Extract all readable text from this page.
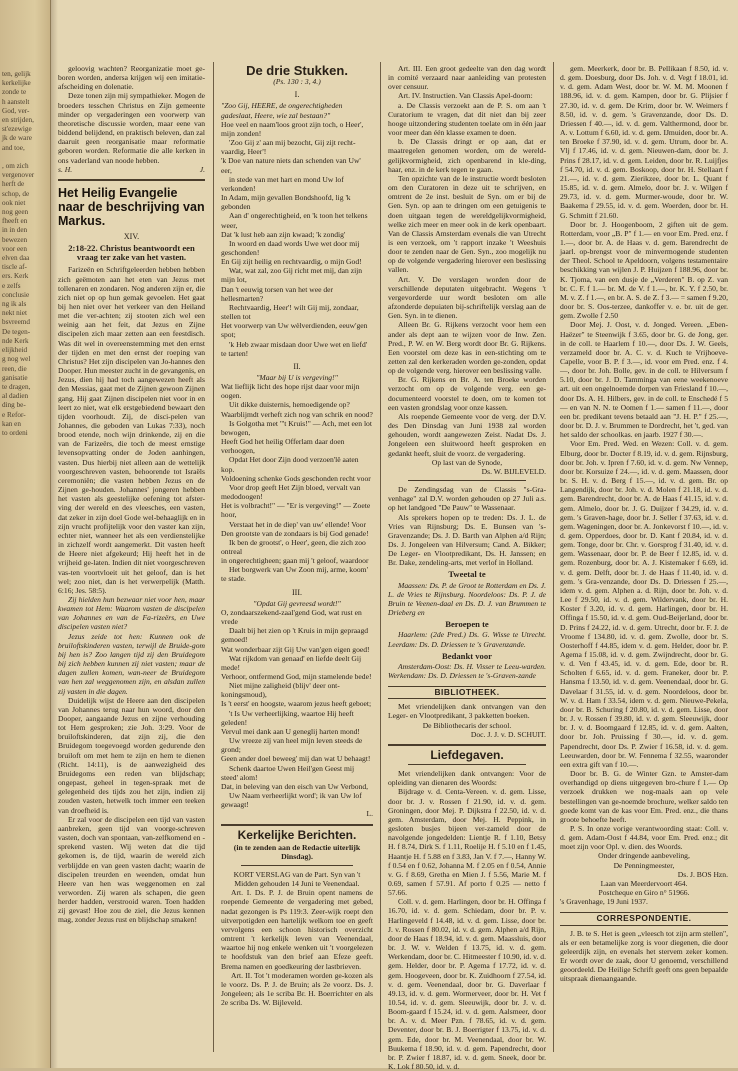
ten, gelijk
kerkelijke
zonde te
h aanstelt
God, ver-
en strijden,
st'ezewige
jk de ware
and toe,

, om zich
vergenover
herft de
schop, de
ook niet
nog geen
fheeft en
in in den
bewezen
voor een
elven daa
tiscle af-
ers. Kerk
e zelfs
conclusie
ng ik als
nekt niet
bsvreemd
De tegen-
nde Kerk
elijkheid
g nog wel
reen, die
ganisatie
te dragen,
al dadien
ding be-
e Refor-
kan en
to ordeni

geloovig wachten? Reorganizatie moet ge-boren worden, andersa krijgen wij een imitatie-afscheiding en dolenatie.

Deze tonen zijn mij sympathieker. Mogen de broeders tesschen Christus en Zijn gemeente minder op vergaderingen een voorwerp van theoretische discussie worden, maar eene van biddend belijdend, en praktisch beleven, dan zal daaruit geen reorganisatie maar reformatie geboren worden. Reformatie die alle kerken in ons vaderland van noode hebben.

s. H.	J.

Het Heilig Evangelie naar de beschrijving van Markus.
XIV.
2:18-22. Christus beantwoordt een vraag ter zake van het vasten.

Farizeën en Schriftgeleerden hebben hebben zich geëmoten aan het eten van Jezus met tollenaren en zondaren. Nog anderen zijn er, die zich niet op op hun gemak gevoelen. Het gaat bij hen niet over het verkeer van den Heiland met die ver-achten; zij stooten zich wel een weinig aan het feit, dat Jezus en Zijne discipelen zich maar zetten aan een feestdisch. Was dit wel in overeenstemming met den ernst der tijden en met den ernst der roeping van Christus? Het zijn discipelen van Jo-hannes den Dooper. Hun meester zucht in de gevangenis, en Jezus, dien hij had toch aangewezen heeft als den Messias, gaat met de Zijnen gewoon Zijnen gang. Hij gaat Zijnen discipelen niet voor in en leert zo niet, wat elk erstgebiedend bewaart den tijden voorhoudt. Zij, de disci-pelen van Johannes, die geboden van Lukas 7:33), noch brood etende, noch wijn drinkende, zij en die van de Farizeërs, die toch de meest ernstige levensopvatting onder de Joden aanhingen, vasten. Dus hierbij niet alleen aan de wettelijk voorgeschreven vasten, behoorende tot Israëls ceremoniën; die vasten hebben Jezus en de Zijnen ge-houden. Johannes' jongeren hebben het vasten als geestelijke oefening tot afster-ving der wereld en des vleesches, een vasten, dat zeker in zijn doel Gode wel-behaaglijk en in zijn vrucht profijtelijk voor den vaster kan zijn, echter niet, wanneer het als een verdienstelijke in zichzelf wordt aangemerkt. Dit vasten heeft de Heere niet afgekeurd; Hij heeft het in de vrijheid ge-laten. Indien dit niet voorgeschreven vas-ten voortvloeit uit het geloof, dan is het wel; zoo niet, dan is het verwerpelijk (Matth. 6:16; Jes. 58:5).

Zij hielden hun bezwaar niet voor hen, maar kwamen tot Hem: Waarom vasten de discipelen van Johannes en van de Fa-rizeërs, en Uwe discipelen vasten niet?

Jezus zeide tot hen: Kunnen ook de bruiloftskinderen vasten, terwijl de Bruide-gom bij hen is? Zoo langen tijd zij den Bruidegom bij zich hebben kunnen zij niet vasten; maar de dagen zullen komen, wan-neer de Bruidegom van hen zal weggenomen zijn, en alsdan zullen zij vasten in die dagen.

Duidelijk wijst de Heere aan den discipelen van Johannes terug naar hun woord, door den Dooper, aangaande Jezus en zijne verhouding tot Hem gesproken; zie Joh. 3:29. Voor de bruiloftskinderen, dat zijn zij, die den Bruidegom toegevoegd worden gedurende den bruiloft om met hem te zijn en hem te dienen (Richt. 14:11), is de aanwezigheid des Bruidegoms een reden van blijdschap; ongepast, geheel in tegen-spraak met de gelegenheid des tijds zou het zijn, indien zij zouden vasten, hetwelk toch immer een teeken van droefheid is.

Er zal voor de discipelen een tijd van vasten aanbreken, geen tijd van voorge-schreven vasten, doch van spontaan, van-zelfkomend en -sprekend vasten. Wij weten dat die tijd gekomen is, de tijd, waarin de wereld zich verblijdde en van geen vasten dacht; waarin de discipelen treurden en weenden, omdat hun Heere van hen was weggenomen en zal verworden. Zij waren als schapen, die geen herder hadden, verstrooid waren. Toen hadden zij gevast! Hoe zou de ziel, die Jezus kennen mag, zonder Jezus rust en blijdschap smaken!

De drie Stukken.
(Ps. 130 : 3, 4.)
I.

"Zoo Gij, HEERE, de ongerechtigheden gadeslaat, Heere, wie zal bestaan?"

Hoe veel en naam'loos groot zijn toch, o Heer', mijn zonden!
'Zoo Gij z' aan mij bezocht, Gij zijt recht-vaardig, Heer'!
'k Doe van nature niets dan schenden van Uw' eer,
in stede van met hart en mond Uw lof verkonden!
In Adam, mijn gevallen Bondshoofd, lig 'k gebonden
Aan d' ongerechtigheid, en 'k toon het telkens weer,
Dat 'k lust heb aan zijn kwaad; 'k zondig'
In woord en daad words Uwe wet door mij geschonden!
En Gij zijt heilig en rechtvaardig, o mijn God!
Wat, wat zal, zoo Gij richt met mij, dan zijn mijn lot,
Dan 't eeuwig torsen van het wee der hellesmarten?
Rechtvaardig, Heer'! wilt Gij mij, zondaar, stellen tot
Het voorwerp van Uw wèlverdienden, eeuw'gen spot;
'k Heb zwaar misdaan door Uwe wet en liefd' te tarten!
II.

"Maar bij U is vergeving!"

Wat lieflijk licht des hope rijst daar voor mijn oogen.
Uit dikke duisternis, hemoedigende op?
Waarblijmdt verheft zich nog van schrik en nood?
Is Golgotha met "'t Kruis!" — Ach, met een lot bewogen,
Heeft God het heilig Offerlam daar doen verhoogen,
Opdat Het door Zijn dood verzoen'lë aaten kop.
Voldoening schenke Gods geschonden recht voor
Voor drop geeft Het Zijn bloed, vervalt van medodoogen!
Het is volbracht!" — "Er is vergeving!" — Zoete hoor,
Verstaat het in de diep' van uw' ellende! Voor
Den grootste van de zondaars is bij God genade!
Ik ben de grootst', o Heer', geen, die zich zoo ontreal
in ongerechtigheen; gaan mij 't geloof, waardoor
Het borgwerk van Uw Zoon mij, arme, koom' te stade.
III.

"Opdat Gij gevreesd wordt!"

O, zondaarszekend-zaal'gend God, wat rust en vrede
Daalt bij het zien op 't Kruis in mijn gepraagd gemoed!
Wat wonderbaar zijt Gij Uw van'gen eigen goed!
Wat rijkdom van genaad' en liefde deelt Gij mede!
Verhoor, ontfermend God, mijn stamelende bede!
Niet mijne zaligheid (blijv' deer ont-koningsmoud),
Is 't eerst' en hoogste, waarom jezus heeft geboet;
't Is Uw verheerlijking, waartoe Hij heeft geleden!
Vervul mei dank aan U geneglij harten mond!
Uw vreeze zij van heel mijn leven steeds de grond;
Geen ander doel beweeg' mij dan wat U behaagt!
Schenk daartoe Uwen Heil'gen Geest mij steed' alom!
Dat, in beleving van den eisch van Uw Verbond,
Uw Naam verheerlijkt word'; ik van Uw lof gewaagt!

L.

Kerkelijke Berichten.
(in te zenden aan de Redactie uiterlijk Dinsdag).

KORT VERSLAG van de Part. Syn van 't Midden gehouden 14 Juni te Veenendaal.

Art. I. Ds. P. J. de Bruin opent namens de roepende Gemeente de vergadering met gebed, nadat gezongen is Ps 119:3. Zeer-wijk roept den uitverpotigden een hartelijk welkom toe en geeft vervolgens een schoon historisch overzicht omtrent 't kerkelijk leven van Veenendaal, waartoe hij nog enkele wenken uit 't voorgelezen te hoofdstuk van den brief aan Efeze geeft. Brema namen en goedkeuring der lastbrieven.

Art. II. Tot 't moderamen worden ge-kozen als le voorz. Ds. P. J. de Bruin; als 2e voorz. Ds. J. Jongeleen; als 1e scriba Br. H. Boerrichter en als 2e scriba Ds. W. Bijleveld.

Art. III. Een groot gedeelte van den dag wordt in comité verzaard naar aanleiding van protesten over censuur.

Art. IV. Instructien. Van Classis Apel-doorn:

a. De Classis verzoekt aan de P. S. om aan 't Curatorium te vragen, dat dit niet dan bij zeer hooge uitzondering studenten toelate om in één jaar voor meer dan één klasse examen te doen.

b. De Classis dringt er op aan, dat er maatregelen genomen worden, om de wereld-gelijkvormigheid, zich openbarend in kle-ding, haar, enz. in de kerk tegen te gaan.

Ten opzichte van de le instructie wordt besloten om den Curatoren in deze uit te schrijven, en omtrent de 2e inst. besluit de Syn. om er bij de Gen. Syn. op aan te dringen om een getuigenis te doen uitgaan tegen de wereldgelijkvormigheid, welke zich meer en meer ook in de kerk openbaart. Van de Classis Amsterdam evenals die van Utrecht is een verzoek, om 't rapport inzake 't Weeshuis door te zenden naar de Gen. Syn., zoo mogelijk nu op de volgende vergadering hierover een beslissing vallen.

Art. V. De verslagen worden door de verschillende deputaten uitgebracht. Wegens 't vergevorderde uur wordt besloten om alle afzonderde depuiaten bij-schriftelijk verslag aan de Gen. Syn. in te dienen.

Alleen Br. G. Rijkens verzocht voor hem een ander als dept aan te wijzen voor de Inw. Zen. Pred., P. W. en W. Berg wordt door Br. G. Rijkens. Een voorstel om deze kas in een-stichting om te zetten zal den kerkeraden worden ge-zonden, opdat op de volgende verg. hierover een beslissing valle.

Br. G. Rijkens en Br. A. ten Broeke worden verzocht om op de volgende verg. een ge-documenteerd voorstel te doen, om te komen tot een vasten grondslag voor onze kassen.

Als roepende Gemeente voor de verg. der D.V. des Den Dinsdag van Juni 1938 zal worden gehouden, wordt aangewezen Zeist. Nadat Ds. J. Jongeleen een sluitwoord heeft gesproken en gedankt heeft, sluit de voorz. de vergadering.

Op last van de Synode,

Ds. W. BIJLEVELD.

De Zendingsdag van de Classis "s-Gra-venhage" zal D.V. worden gehouden op 27 Juli a.s. op het landgoed "De Pauw" te Wassenaar.

Als sprekers hopen op te treden: Ds. J. L. de Vries van Rijnsburg; Ds. E. Bunsen van 's-Gravenzande; Ds. J. D. Barth van Alphen a/d Rijn; Ds. J. Jongeleen van Hilversum; Cand. A. Bikker; De Leger- en Vlootpredikant, Ds. H. Janssen; en Br. Dake, zendeling-arts, met verlof in Holland.

Tweetal te

Maassen: Ds. P. de Groot te Rotterdam en Ds. J. L. de Vries te Rijnsburg. Noordeloos: Ds. P. J. de Bruin te Veenen-daal en Ds. D. J. van Brummen te Drieberg en

Beroepen te

Haarlem: (2de Pred.) Ds. G. Wisse te Utrecht. Leerdam: Ds. D. Driessen te 's Gravenzande.

Bedankt voor

Amsterdam-Oost: Ds. H. Visser te Leeu-warden. Werkendam: Ds. D. Driessen te 's-Graven-zande

BIBLIOTHEEK.

Met vriendelijken dank ontvangen van den Leger- en Vlootpredikant, 3 pakketten boeken.

De Bibliothecaris der school.

Doc. J. J. v. D. SCHUIT.

Liefdegaven.

Met vriendelijken dank ontvangen: Voor de opleiding van dienaren des Woords:

Bijdrage v. d. Centa-Vereen. v. d. gem. Lisse, door br. J. v. Rossen f 21.90, id. v. d. gem. Groningen, door Mej. P. Dijkstra f 22.50, id. v. d. gem. Amsterdam, door Mej. H. Peppink, in gesloten busjes bijeen ver-zameld door de navolgende jongedelden: Lientje R. f 1.10, Betsy H. f 8.74, Dirk S. f 1.11, Roelije H. f 5.10 en f 1.45, Haantje H. f 5.88 en f 3.83, Jan V. f 7.—, Hanny W. f 0.54 en f 0.62, Johanna M. f 2.05 en f 0.54, Annie v. G. f 8.69, Gretha en Mien J. f 5.56, Marie M. f 0.69, samen f 57.91. Af porto f 0.25 — netto f 57.66.

Coll. v. d. gem. Harlingen, door br. H. Offinga f 16.70, id. v. d. gem. Schiedam, door br. P. v. Harlingeveld f 14.48, id. v. d. gem. Lisse, door br. J. v. Rossen f 80.02, id. v. d. gem. Alphen a/d Rijn, door de Haas f 18.94, id. v. d. gem. Maassluis, door br. J. W. v. Welden f 13.75, id. v. d. gem. Werkendam, door br. C. Hitmeester f 10.90, id. v. d. gem. Helder, door br. P. Agema f 17.72, id. v. d. gem. Hoogeveen, door br. K. Zuidhoorn f 27.54, id. v. d. gem. Veenendaal, door br. G. Daverlaar f 49.13, id. v. d. gem. Wormerveer, door br. H. Vet f 10.54, id. v. d. gem. Sleeuwijk, door br. J. v. d. Boom-gaard f 15.24, id. v. d. gem. Aalsmeer, door br. A. v. d. Meer Pzn. f 78.65, id. v. d. gem. Deventer, door br. B. J. Boerrigter f 13.75, id. v. d. gem. Ede, door br. M. Veenendaal, door br. W. Buukema f 18.90, id. v. d. gem. Papendrecht, door br. P. Zwier f 18.87, id. v. d. gem. Sneek, door br. K. Lok f 80.50, id. v. d.

gem. Meerkerk, door br. B. Pellikaan f 8.50, id. v. d. gem. Doesburg, door Ds. Joh. v. d. Vegt f 18.01, id. v. d. gem. Adam West, door br. W. M. M. Moonen f 188.96, id. v. d. gem. Kampen, door br. G. Plijsier f 27.30, id. v. d. gem. De Krim, door br. W. Weimers f 8.50, id. v. d. gem. 's Gravenzande, door Ds. D. Driessen f 40.—, id. v. d. gem. Valthermond, door br. A. v. Lottum f 6.60, id. v. d. gem. IJmuiden, door br. A. ten Broeke f 37.90, id. v. d. gem. Utrum, door br. A. Vlj f 17.46, id. v. d. gem. Nieuwen-dam, door br. J. Prins f 28.17, id. v. d. gem. Leiden, door br. R. Luijfjes f 54.70, id. v. d. gem. Boskoop, door br. H. Stellaart f 21.—, id. v. d. gem. Zierikzee, door br. L. Quant f 15.85, id. v. d. gem. Almelo, door br. J. v. Wilgen f 29.73, id. v. d. gem. Murmer-woude, door br. W. Baakema f 29.55, id. v. d. gem. Woerden, door br. H. G. Schmitt f 21.60.

Door br. J. Hoogenboom, 2 giften uit de gem. Rotterdam, voor „B. P" f 1.— en voor Em. Pred. enz. f 1.—, door br. A. de Haas v. d. gem. Barendrecht de jaarl. op-brengst voor de minvermogende studenten der Theol. School te Apeldoorn, volgens testamentaire beschikking van wijlen J. P. Huijzen f 188.96, door br. K. Tjoma, van een dusje de „Verderen" B. op Z. van br. C. F. f 1.— br. M. de V. f 1.—, br. K. Y. f 2.50, br. M. v. Z. f 1.—, en br. A. S. de Z. f 3.— = samen f 9.20, door br. S. Oos-terzee, dankoffer v. e. br. uit de ger. gem. Zwolle f 2.50

Door Mej. J. Oost, v. d. Jonged. Vereen. „Eben-Haëzer" te Steenwijk f 3.65, door br. G. de Jong, ger. in de coll. te Haarlem f 10.—, door Ds. J. W. Geels, verzameld door br. A. C. v. d. Kuch te Vrijhoeve-Capelle, voor B. P. f 3.—, id. voor em Pred. enz. f 4.—, door br. Joh. Bolle, gev. in de coll. te Hilversum f 5.10, door br. J. D. Tamminga van eene weekenoeve art. uit een ongelnoemde dorpen van Friesland f 10.—, door Ds. A. H. Hilbers, gev. in de coll. te Enschedé f 5 — en van N. N. te Oomen f 1.— samen f 11.—, door een br. predikant tevens betaald aan "J. H. P." f 25.—, door br. D. J. v. Brummen te Dordrecht, het 't, ged. van het saldo der schoolkas. en jaarb. 1927 f 30.—.

Voor Em. Pred. Wed. en Wezen: Coll. v. d. gem. Elburg, door br. Docter f 8.19, id. v. d. gem. Rijnsburg, door br. Joh. v. Ipren f 7.60, id. v. d. gem. Nw Vennep, door br. Korsuize f 24.—, id. v. d. gem. Maassen, door br. S. H. v. d. Berg f 15.—, id. v. d. gem. Br. op Langendijk, door br. Joh. v. d. Molen f 21.18, id. v. d. gem. Barendrecht, door br. A. de Haas f 41.15, id. v. d. gem. Almelo, door br. J. G. Duijzer f 34.29, id. v. d. gem. 's Graven-hage, door br. J. Seller f 37.63, id. v. d. gem. Wageningen, door br. A. Jonkevorst f 10.—, id. v. d. gem. Opperdoes, door br. D. Kant f 20.84, id. v. d. gem. Tonge, door br. Chr. v. Gorsprog f 31.40, id. v. d. gem. Wassenaar, door br. P. de Beer f 12.85, id. v. d. gem. Rozenburg, door br. A. J. Kistemaker f 6.69, id. v. d. gem. Delft, door br. J. de Haas f 11.40, id. v. d. gem. 's Gra-venzande, door Ds. D. Driessen f 25.—, idem v. d. gem. Alphen a. d. Rijn, door br. Joh. v. d. Lee f 29.50, id. v. d. gem. Wildervank, door br. H. Koster f 3.20, id. v. d. gem. Harlingen, door br. H. Offinga f 15.50, id. v. d. gem. Oud-Beijerland, door br. D. Prins f 24.22, id. v. d. gem. Utrecht, door br. F. J. de Vroome f 134.80, id. v. d. gem. Zwolle, door br. S. Oosterhoff f 44.85, idem v. d. gem. Helder, door br. P. Agema f 15.08, id. v. d. gem. Zwijndrecht, door br. G. v. d. Ven f 43.45, id. v. d. gem. Ede, door br. R. Scholten f 6.65, id. v. d. gem. Franeker, door br. P. Hansma f 13.50, id. v. d. gem. Veenendaal, door br. G. Davelaar f 31.55, id. v. d. gem. Noordeloos, door br. W. v. d. Ham f 33.54, idem v. d. gem. Nieuwe-Pekela, door br. B. Schuring f 20.80, id. v. d. gem. Lisse, door br. J. v. Rossen f 39.80, id. v. d. gem. Sleeuwijk, door br. J. v. d. Boomgaard f 12.85, id. v. d. gem. Aalten, door br. Joh. Pruissing f 30.—, id. v. d. gem. Papendrecht, door Ds. P. Zwier f 16.58, id. v. d. gem. Leeuwarden, door br. W. Fennema f 32.55, waaronder een extra gift van f 10.—.

Door br. B. G. de Winter Gzn. te Amster-dam overhandigd op diens uitgegeven bro-chure f 1.— Op verzoek drukken we nog-maals aan op vele bestellingen van ge-noemde brochure, welker saldo ten goede komt van de kas voor Em. Pred. enz., die thans groote behoefte heeft.

P. S. In onze vorige verantwoording staat: Coll. v. d. gem. Adam-Oost f 44.84, voor Em. Pred. enz.; dit moet zijn voor Opl. v. dien. des Woords.

Onder dringende aanbeveling,

De Penningmeester,

Ds. J. BOS Hzn.

Laan van Meerdervoort 464.

Postcheque en Giro n° 51966.

's Gravenhage, 19 Juni 1937.

CORRESPONDENTIE.

J. B. te S. Het is geen „vleesch tot zijn arm stellen", als er een betamelijke zorg is voor diegenen, die door geleerdijk zijn, en evenals het stervem zeker komen. Er wordt over de zaak, door U genoemd, verschillend geoordeeld. De Heilige Schrift geeft ons geen bepaalde uitspraak dienaangaande.
